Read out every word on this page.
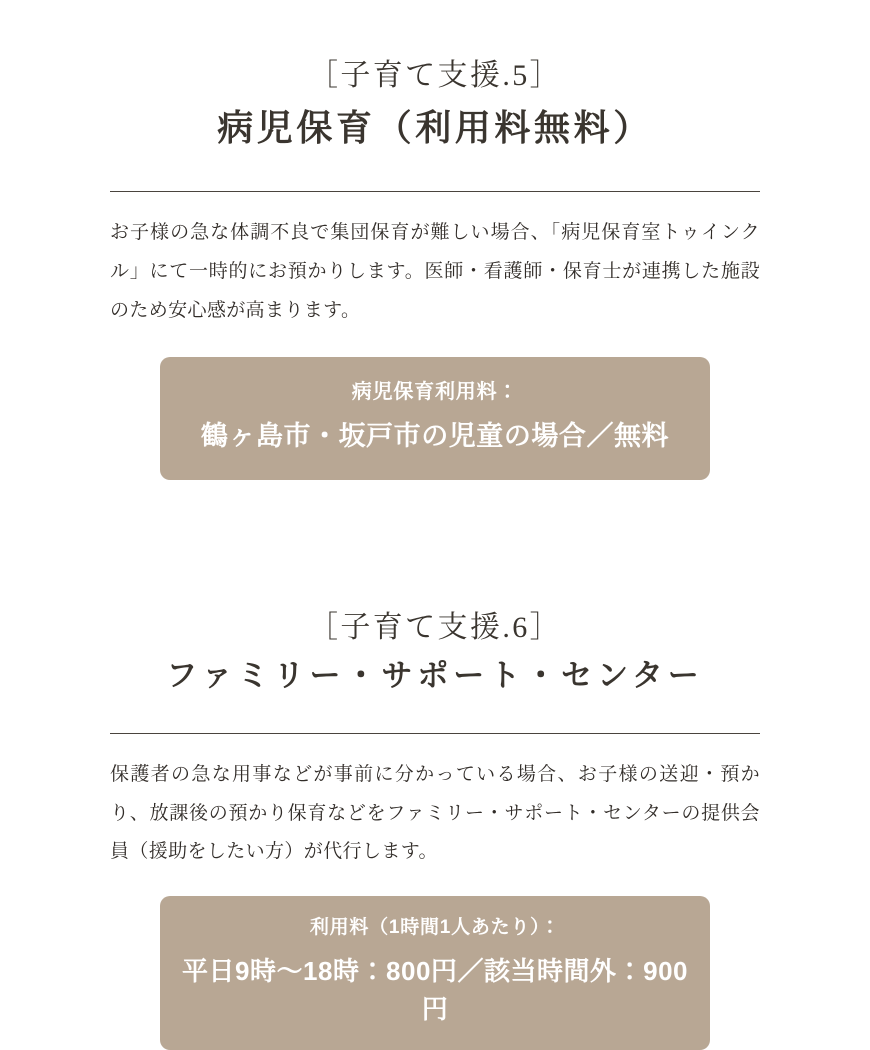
［子育て支援.5］
病児保育（利用料無料）

お子様の急な体調不良で集団保育が難しい場合、「病児保育室トゥインクル」にて一時的にお預かりします。医師・看護師・保育士が連携した施設のため安心感が高まります。

病児保育利用料：
鶴ヶ島市・坂戸市の児童の場合／無料
［子育て支援.6］
ファミリー・サポート・センター

保護者の急な用事などが事前に分かっている場合、お子様の送迎・預かり、放課後の預かり保育などをファミリー・サポート・センターの提供会員（援助をしたい方）が代行します。

利用料（1時間1人あたり）：
平日9時〜18時：800円／該当時間外：900円
